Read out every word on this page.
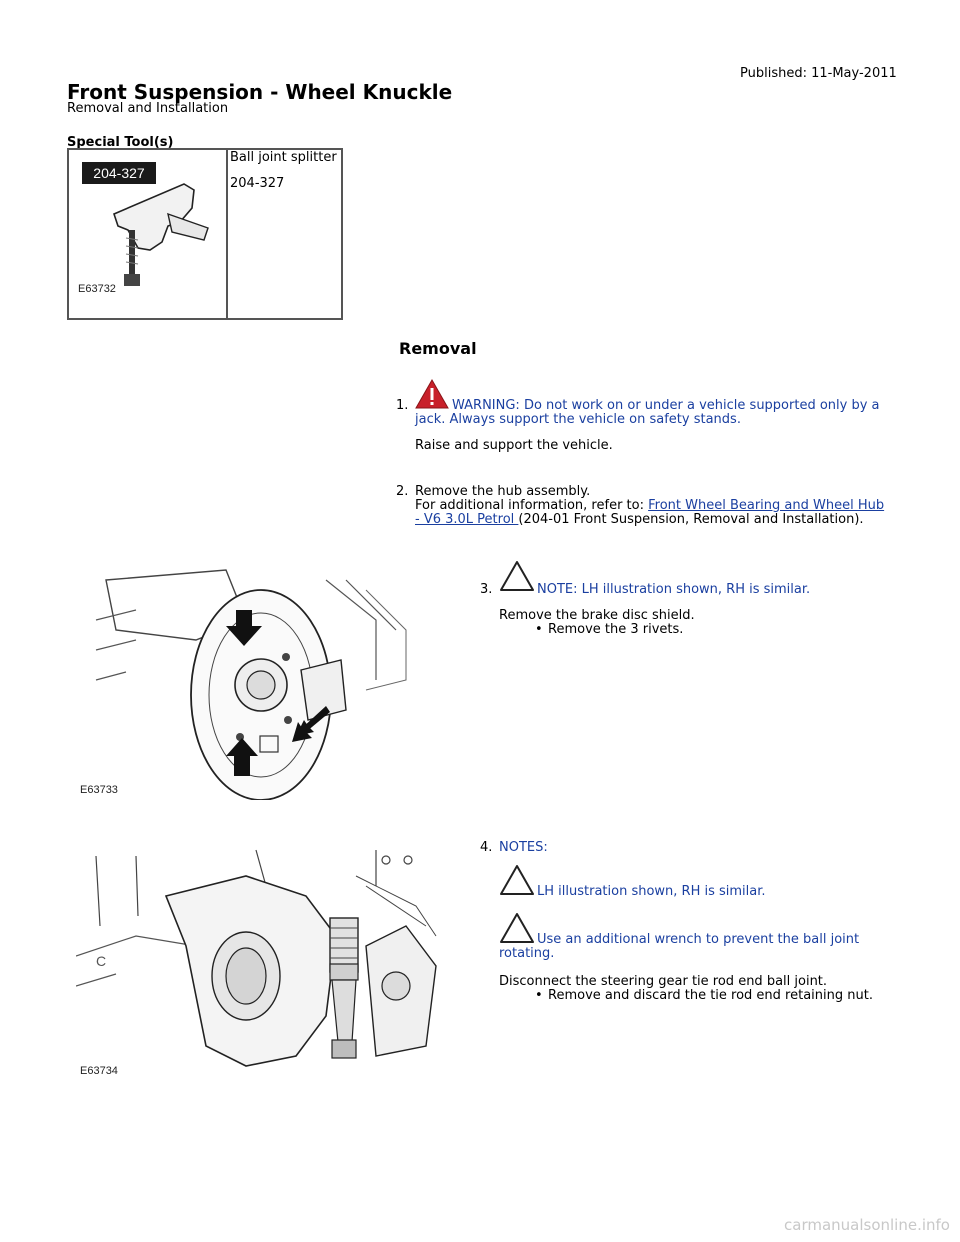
Published: 11-May-2011
Front Suspension - Wheel Knuckle
Removal and Installation
Special Tool(s)
204-327
E63732
Ball joint splitter
204-327
Removal
1.	WARNING: Do not work on or under a vehicle supported only by a
jack. Always support the vehicle on safety stands.
Raise and support the vehicle.
2. Remove the hub assembly.
For additional information, refer to: Front Wheel Bearing and Wheel Hub
- V6 3.0L Petrol (204-01 Front Suspension, Removal and Installation).
E63733
3.	NOTE: LH illustration shown, RH is similar.
Remove the brake disc shield.
• Remove the 3 rivets.
C
E63734
4. NOTES:
LH illustration shown, RH is similar.
Use an additional wrench to prevent the ball joint
rotating.
Disconnect the steering gear tie rod end ball joint.
• Remove and discard the tie rod end retaining nut.
carmanualsonline.info
